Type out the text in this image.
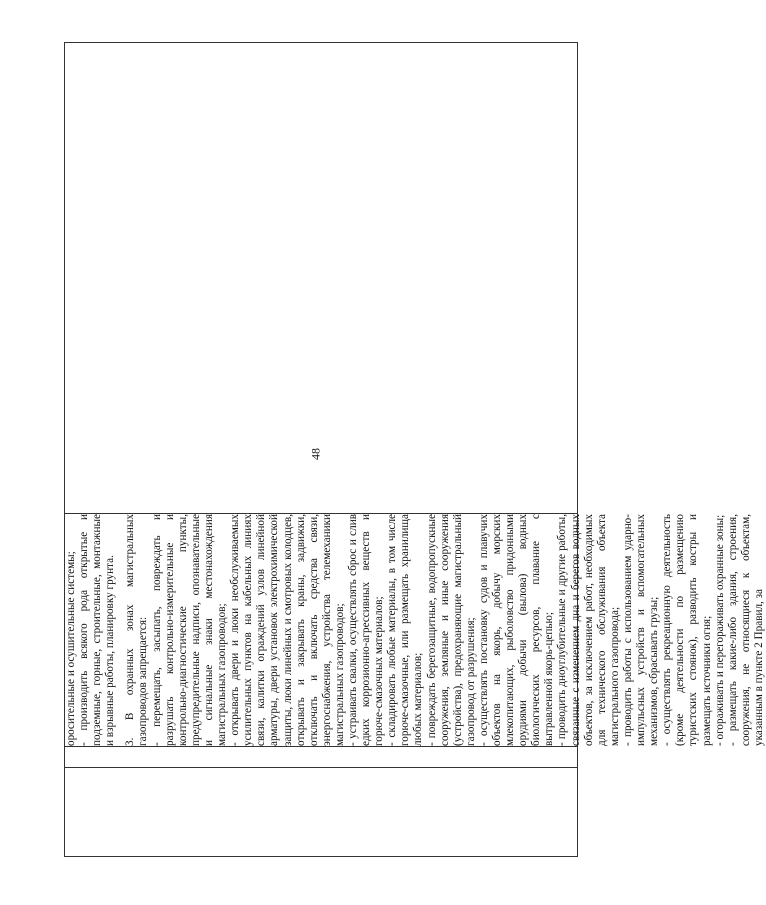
48

оросительные и осушительные системы; - производить всякого рода открытые и подземные, горные, строительные, монтажные и взрывные работы, планировку грунта. 3. В охранных зонах магистральных газопроводов запрещается: - перемещать, засыпать, повреждать и разрушать контрольно-измерительные и контрольно-диагностические пункты, предупредительные надписи, опознавательные и сигнальные знаки местонахождения магистральных газопроводов; - открывать двери и люки необслуживаемых усилительных пунктов на кабельных линиях связи, калитки ограждений узлов линейной арматуры, двери установок электрохимической защиты, люки линейных и смотровых колодцев, открывать и закрывать краны, задвижки, отключать и включать средства связи, энергоснабжения, устройства телемеханики магистральных газопроводов; - устраивать свалки, осуществлять сброс и слив едких коррозионно-агрессивных веществ и горюче-смазочных материалов; - складировать любые материалы, в том числе горюче-смазочные, или размещать хранилища любых материалов; - повреждать берегозащитные, водопропускные сооружения, земляные и иные сооружения (устройства), предохраняющие магистральный газопровод от разрушения; - осуществлять постановку судов и плавучих объектов на якорь, добычу морских млекопитающих, рыболовство придонными орудиями добычи (вылова) водных биологических ресурсов, плавание с вытравленной якорь-цепью; - проводить дноуглубительные и другие работы, связанные с изменением дна и берегов водных объектов, за исключением работ, необходимых для технического обслуживания объекта магистрального газопровода; - проводить работы с использованием ударно-импульсных устройств и вспомогательных механизмов, сбрасывать грузы; - осуществлять рекреационную деятельность (кроме деятельности по размещению туристских стоянок), разводить костры и размещать источники огня; - огораживать и перегораживать охранные зоны; - размещать какие-либо здания, строения, сооружения, не относящиеся к объектам, указанным в пункте 2 Правил, за
